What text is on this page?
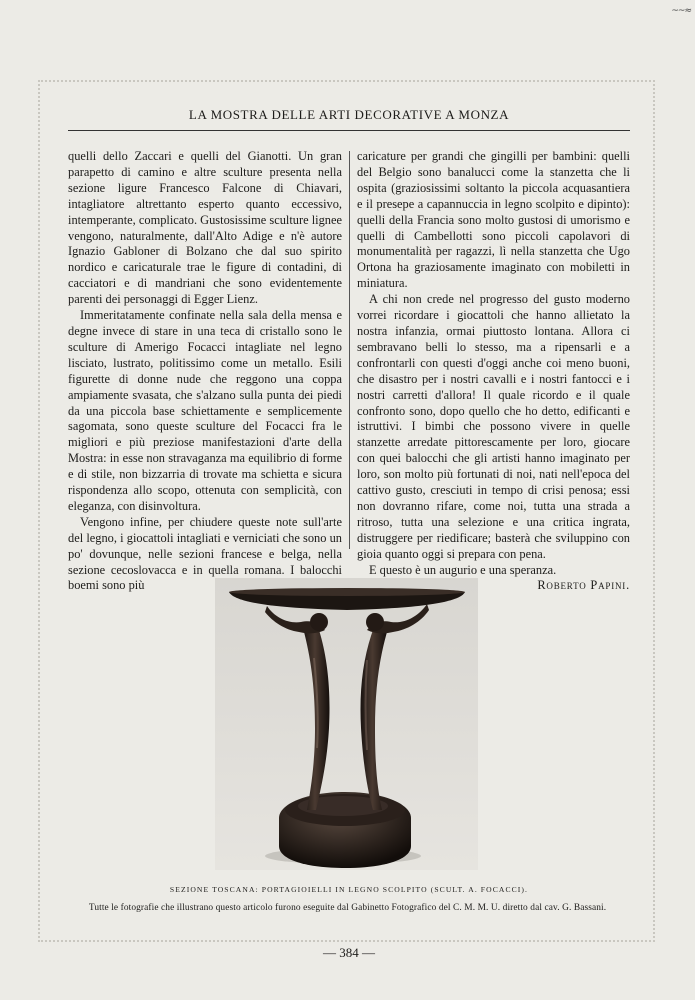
~~≈
LA MOSTRA DELLE ARTI DECORATIVE A MONZA

quelli dello Zaccari e quelli del Gianotti. Un gran parapetto di camino e altre sculture presenta nella sezione ligure Francesco Falcone di Chiavari, intagliatore altrettanto esperto quanto eccessivo, intemperante, complicato. Gustosissime sculture lignee vengono, naturalmente, dall'Alto Adige e n'è autore Ignazio Gabloner di Bolzano che dal suo spirito nordico e caricaturale trae le figure di contadini, di cacciatori e di mandriani che sono evidentemente parenti dei personaggi di Egger Lienz.

Immeritatamente confinate nella sala della mensa e degne invece di stare in una teca di cristallo sono le sculture di Amerigo Focacci intagliate nel legno lisciato, lustrato, politissimo come un metallo. Esili figurette di donne nude che reggono una coppa ampiamente svasata, che s'alzano sulla punta dei piedi da una piccola base schiettamente e semplicemente sagomata, sono queste sculture del Focacci fra le migliori e più preziose manifestazioni d'arte della Mostra: in esse non stravaganza ma equilibrio di forme e di stile, non bizzarria di trovate ma schietta e sicura rispondenza allo scopo, ottenuta con semplicità, con eleganza, con disinvoltura.

Vengono infine, per chiudere queste note sull'arte del legno, i giocattoli intagliati e verniciati che sono un po' dovunque, nelle sezioni francese e belga, nella sezione cecoslovacca e in quella romana. I balocchi boemi sono più

caricature per grandi che gingilli per bambini: quelli del Belgio sono banalucci come la stanzetta che li ospita (graziosissimi soltanto la piccola acquasantiera e il presepe a capannuccia in legno scolpito e dipinto): quelli della Francia sono molto gustosi di umorismo e quelli di Cambellotti sono piccoli capolavori di monumentalità per ragazzi, lì nella stanzetta che Ugo Ortona ha graziosamente imaginato con mobiletti in miniatura.

A chi non crede nel progresso del gusto moderno vorrei ricordare i giocattoli che hanno allietato la nostra infanzia, ormai piuttosto lontana. Allora ci sembravano belli lo stesso, ma a ripensarli e a confrontarli con questi d'oggi anche coi meno buoni, che disastro per i nostri cavalli e i nostri fantocci e i nostri carretti d'allora! Il quale ricordo e il quale confronto sono, dopo quello che ho detto, edificanti e istruttivi. I bimbi che possono vivere in quelle stanzette arredate pittorescamente per loro, giocare con quei balocchi che gli artisti hanno imaginato per loro, son molto più fortunati di noi, nati nell'epoca del cattivo gusto, cresciuti in tempo di crisi penosa; essi non dovranno rifare, come noi, tutta una strada a ritroso, tutta una selezione e una critica ingrata, distruggere per riedificare; basterà che sviluppino con gioia quanto oggi si prepara con pena.

E questo è un augurio e una speranza.

Roberto Papini.
SEZIONE TOSCANA: PORTAGIOIELLI IN LEGNO SCOLPITO (SCULT. A. FOCACCI).
Tutte le fotografie che illustrano questo articolo furono eseguite dal Gabinetto Fotografico del C. M. M. U. diretto dal cav. G. Bassani.
— 384 —
